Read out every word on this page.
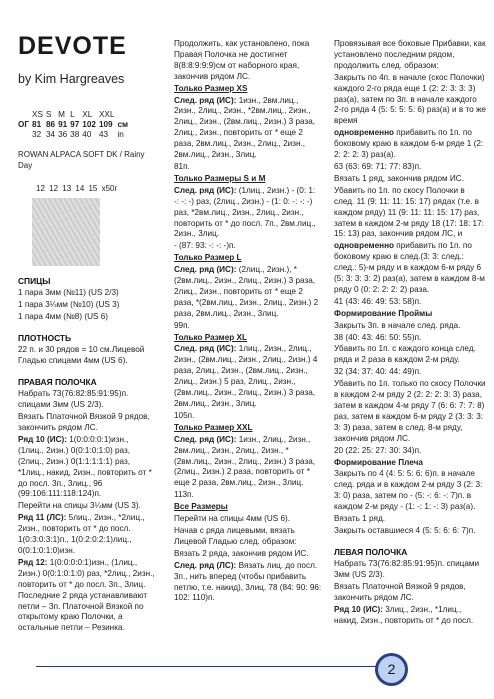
DEVOTE
by Kim Hargreaves
	XS	S	M	L	XL	XXL	
ОГ	81	86	91	97	102	109	см
	32	34	36	38	40	43	in
ROWAN ALPACA SOFT DK / Rainy Day
12 12 13 14 15 x50г
СПИЦЫ
1 пара 3мм (№11) (US 2/3)
1 пара 3¼мм (№10) (US 3)
1 пара 4мм (№8) (US 6)
ПЛОТНОСТЬ
22 п. и 30 рядов = 10 см.Лицевой Гладью спицами 4мм (US 6).
ПРАВАЯ ПОЛОЧКА
Набрать 73(76:82:85:91:95)п. спицами 3мм (US 2/3).
Вязать Платочной Вязкой 9 рядов, закончить рядом ЛС.
Ряд 10 (ИС): 1(0:0:0:0:1)изн., (1лиц., 2изн.) 0(0:1:0:1:0) раз, (2лиц., 2изн.) 0(1:1:1:1:1) раз, *1лиц., накид, 2изн., повторить от * до посл. 3п., 3лиц., 96 (99:106:111:118:124)п.
Перейти на спицы 3¼мм (US 3).
Ряд 11 (ЛС): 5лиц., 2изн., *2лиц., 2изн., повторить от * до посл. 1(0:3:0:3:1)п., 1(0:2:0:2:1)лиц., 0(0:1:0:1:0)изн.
Ряд 12: 1(0:0:0:0:1)изн., (1лиц., 2изн.) 0(0:1:0:1:0) раз, *2лиц., 2изн., повторить от * до посл. 3п., 3лиц. Последние 2 ряда устанавливают петли – Зп. Платочной Вязкой по открытому краю Полочки, а остальные петли – Резинка.
Продолжить, как установлено, пока Правая Полочка не достигнет 8(8:8:9:9:9)см от наборного края, закончив рядом ЛС.
Только Размер XS
След. ряд (ИС): 1изн., 2вм.лиц., 2изн., 2лиц., 2изн., *2вм.лиц., 2изн., 2лиц., 2изн., (2вм.лиц., 2изн.) 3 раза, 2лиц., 2изн., повторить от * еще 2 раза, 2вм.лиц., 2изн., 2лиц., 2изн., 2вм.лиц., 2изн., 3лиц.
81п.
Только Размеры S и M
След. ряд (ИС): (1лиц., 2изн.) - (0: 1: -: -: -) раз, (2лиц., 2изн.) - (1: 0: -: -: -) раз, *2вм.лиц., 2изн., 2лиц., 2изн., повторить от * до посл. 7п., 2вм.лиц., 2изн., 3лиц.
- (87: 93: -: -: -)п.
Только Размер L
След. ряд (ИС): (2лиц., 2изн.), *(2вм.лиц., 2изн., 2лиц., 2изн.) 3 раза, 2лиц., 2изн., повторить от * еще 2 раза, *(2вм.лиц., 2изн., 2лиц., 2изн.) 2 раза, 2вм.лиц., 2изн., 3лиц.
99п.
Только Размер XL
След. ряд (ИС): 1лиц., 2изн., 2лиц., 2изн., (2вм.лиц., 2изн., 2лиц., 2изн.) 4 раза, 2лиц., 2изн., (2вм.лиц., 2изн., 2лиц., 2изн.) 5 раз, 2лиц., 2изн., (2вм.лиц., 2изн., 2лиц., 2изн.) 3 раза, 2вм.лиц., 2изн., 3лиц.
105п.
Только Размер XXL
След. ряд (ИС): 1изн., 2лиц., 2изн., 2вм.лиц., 2изн., 2лиц., 2изн., *(2вм.лиц., 2изн., 2лиц., 2изн.) 3 раза, (2лиц., 2изн.) 2 раза, повторить от * еще 2 раза, 2вм.лиц., 2изн., 3лиц.
113п.
Все Размеры
Перейти на спицы 4мм (US 6).
Начав с ряда лицевыми, вязать Лицевой Гладью след. образом:
Вязать 2 ряда, закончив рядом ИС.
След. ряд (ЛС): Вязать лиц. до посл. 3п., нить вперед (чтобы прибавить петлю, т.е. накид), 3лиц. 78 (84: 90: 96: 102: 110)п.
Провязывая все боковые Прибавки, как установлено последним рядом, продолжить след. образом:
Закрыть по 4п. в начале (скос Полочки) каждого 2-го ряда еще 1 (2: 2: 3: 3: 3) раз(а), затем по 3п. в начале каждого 2-го ряда 4 (5: 5: 5: 5: 6) раз(а) и в то же время
одновременно прибавить по 1п. по боковому краю в каждом 6-м ряде 1 (2: 2: 2: 2: 3) раз(а).
63 (63: 69: 71: 77: 83)п.
Вязать 1 ряд, закончив рядом ИС.
Убавить по 1п. по скосу Полочки в след. 11 (9: 11: 11: 15: 17) рядах (т.е. в каждом ряду) 11 (9: 11: 11: 15: 17) раз, затем в каждом 2-м ряду 18 (17: 18: 17: 15: 13) раз, закончив рядом ЛС, и
одновременно прибавить по 1п. по боковому краю в след.(3: 3: след.: след.: 5)-м ряду и в каждом 6-м ряду 6 (5: 3: 3: 3: 2) раз(а), затем в каждом 8-м ряду 0 (0: 2: 2: 2: 2) раза.
41 (43: 46: 49: 53: 58)п.
Формирование Проймы
Закрыть 3п. в начале след. ряда.
38 (40: 43: 46: 50: 55)п.
Убавить по 1п. с каждого конца след. ряда и 2 раза в каждом 2-м ряду.
32 (34: 37: 40: 44: 49)п.
Убавить по 1п. только по скосу Полочки в каждом 2-м ряду 2 (2: 2: 2: 3: 3) раза, затем в каждом 4-м ряду 7 (6: 6: 7: 7: 8) раз, затем в каждом 6-м ряду 2 (3: 3: 3: 3: 3) раза, затем в след. 8-м ряду, закончив рядом ЛС.
20 (22: 25: 27: 30: 34)п.
Формирование Плеча
Закрыть по 4 (4: 5: 5: 6: 6)п. в начале след. ряда и в каждом 2-м ряду 3 (2: 3: 3: 0) раза, затем по - (5: -: 6: -: 7)п. в каждом 2-м ряду - (1: -: 1: -: 3) раз(а).
Вязать 1 ряд.
Закрыть оставшиеся 4 (5: 5: 6: 6: 7)п.
ЛЕВАЯ ПОЛОЧКА
Набрать 73(76:82:85:91:95)п. спицами 3мм (US 2/3).
Вязать Платочной Вязкой 9 рядов, закончить рядом ЛС.
Ряд 10 (ИС): 3лиц., 2изн., *1лиц., накид, 2изн., повторить от * до посл.
2
